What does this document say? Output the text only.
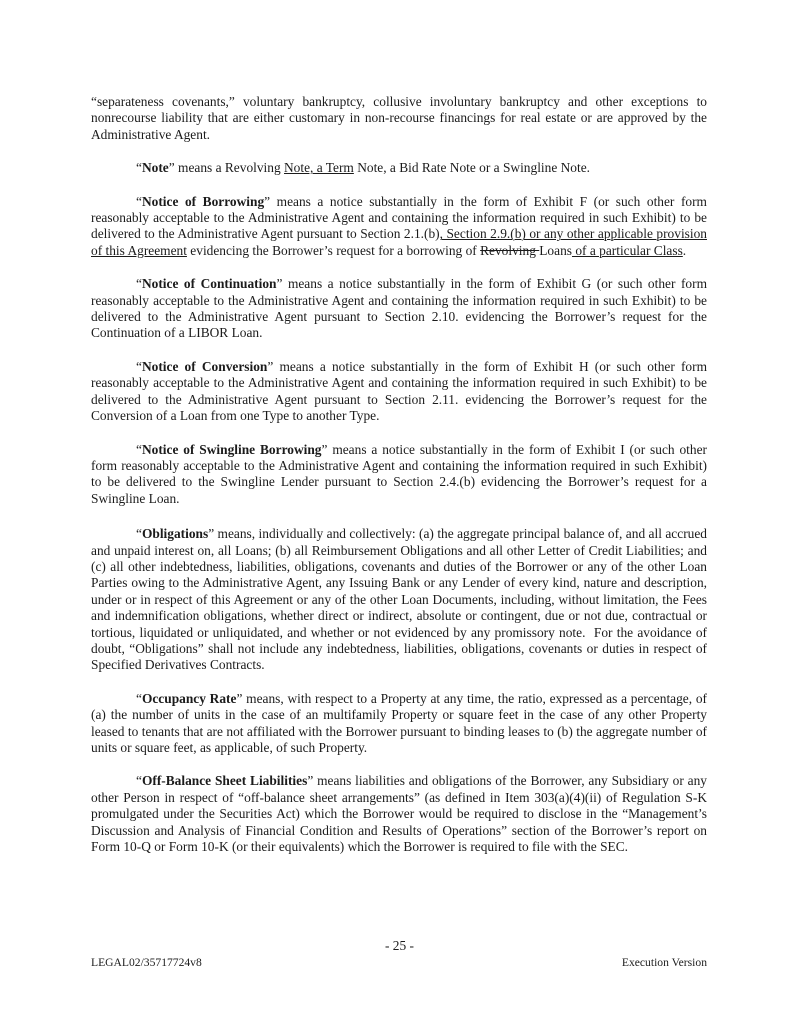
“separateness covenants,” voluntary bankruptcy, collusive involuntary bankruptcy and other exceptions to nonrecourse liability that are either customary in non-recourse financings for real estate or are approved by the Administrative Agent.

“Note” means a Revolving Note, a Term Note, a Bid Rate Note or a Swingline Note.

“Notice of Borrowing” means a notice substantially in the form of Exhibit F (or such other form reasonably acceptable to the Administrative Agent and containing the information required in such Exhibit) to be delivered to the Administrative Agent pursuant to Section 2.1.(b), Section 2.9.(b) or any other applicable provision of this Agreement evidencing the Borrower’s request for a borrowing of Revolving Loans of a particular Class.

“Notice of Continuation” means a notice substantially in the form of Exhibit G (or such other form reasonably acceptable to the Administrative Agent and containing the information required in such Exhibit) to be delivered to the Administrative Agent pursuant to Section 2.10. evidencing the Borrower’s request for the Continuation of a LIBOR Loan.

“Notice of Conversion” means a notice substantially in the form of Exhibit H (or such other form reasonably acceptable to the Administrative Agent and containing the information required in such Exhibit) to be delivered to the Administrative Agent pursuant to Section 2.11. evidencing the Borrower’s request for the Conversion of a Loan from one Type to another Type.

“Notice of Swingline Borrowing” means a notice substantially in the form of Exhibit I (or such other form reasonably acceptable to the Administrative Agent and containing the information required in such Exhibit) to be delivered to the Swingline Lender pursuant to Section 2.4.(b) evidencing the Borrower’s request for a Swingline Loan.

“Obligations” means, individually and collectively: (a) the aggregate principal balance of, and all accrued and unpaid interest on, all Loans; (b) all Reimbursement Obligations and all other Letter of Credit Liabilities; and (c) all other indebtedness, liabilities, obligations, covenants and duties of the Borrower or any of the other Loan Parties owing to the Administrative Agent, any Issuing Bank or any Lender of every kind, nature and description, under or in respect of this Agreement or any of the other Loan Documents, including, without limitation, the Fees and indemnification obligations, whether direct or indirect, absolute or contingent, due or not due, contractual or tortious, liquidated or unliquidated, and whether or not evidenced by any promissory note.  For the avoidance of doubt, “Obligations” shall not include any indebtedness, liabilities, obligations, covenants or duties in respect of Specified Derivatives Contracts.

“Occupancy Rate” means, with respect to a Property at any time, the ratio, expressed as a percentage, of (a) the number of units in the case of an multifamily Property or square feet in the case of any other Property leased to tenants that are not affiliated with the Borrower pursuant to binding leases to (b) the aggregate number of units or square feet, as applicable, of such Property.

“Off-Balance Sheet Liabilities” means liabilities and obligations of the Borrower, any Subsidiary or any other Person in respect of “off-balance sheet arrangements” (as defined in Item 303(a)(4)(ii) of Regulation S-K promulgated under the Securities Act) which the Borrower would be required to disclose in the “Management’s Discussion and Analysis of Financial Condition and Results of Operations” section of the Borrower’s report on Form 10-Q or Form 10-K (or their equivalents) which the Borrower is required to file with the SEC.

- 25 -
LEGAL02/35717724v8	Execution Version
